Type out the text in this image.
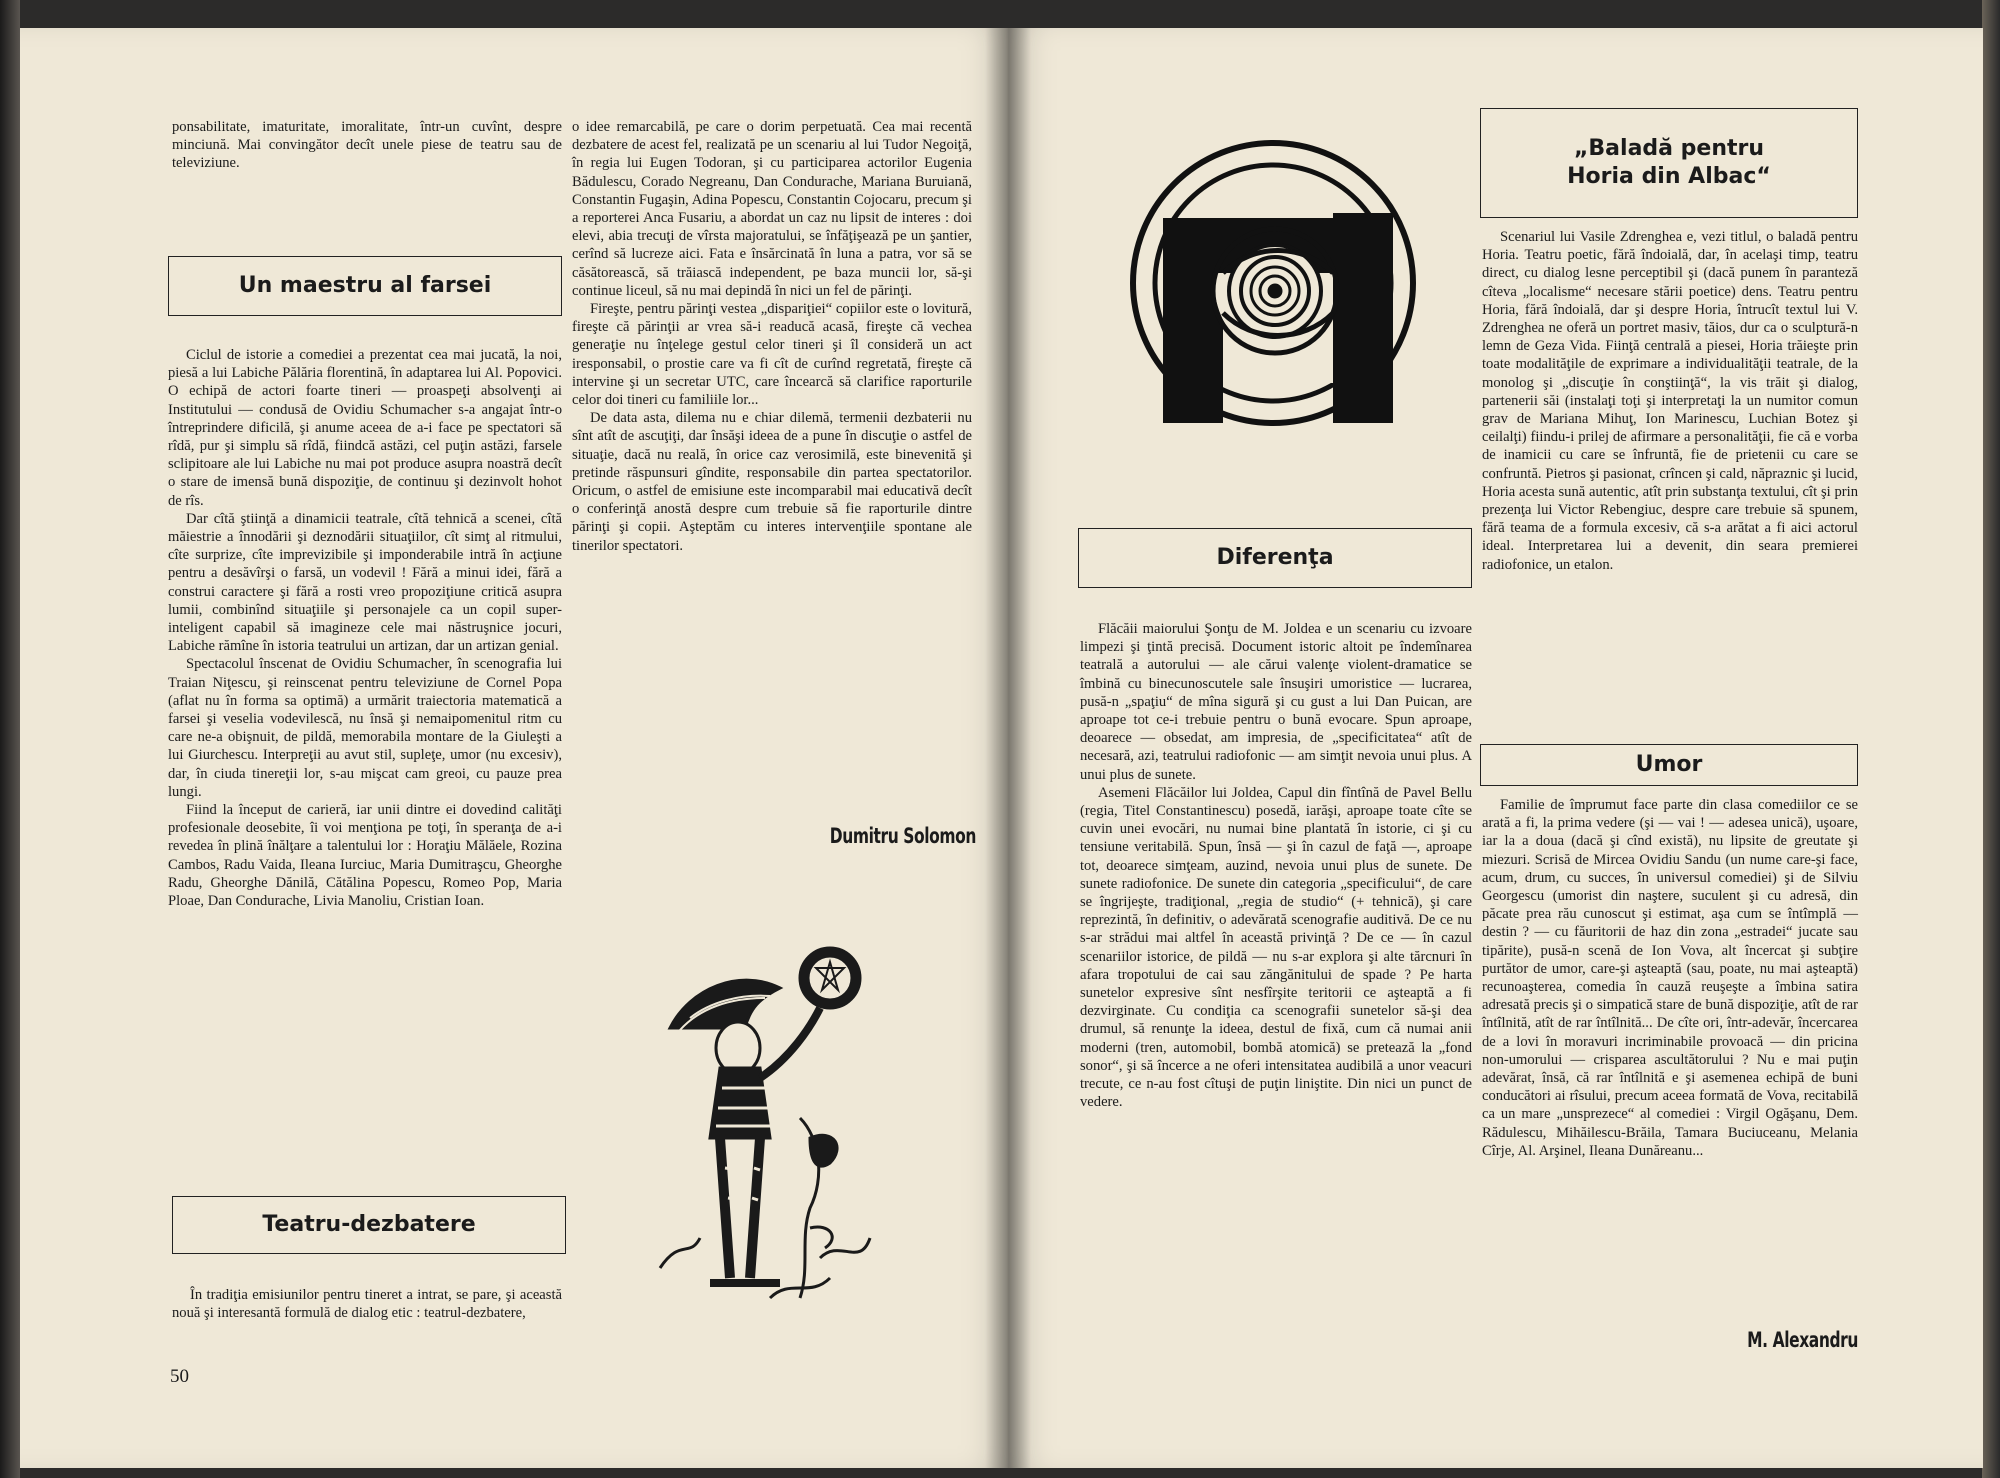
ponsabilitate, imaturitate, imoralitate, într-un cuvînt, despre minciună. Mai convingător decît unele piese de teatru sau de televiziune.

Un maestru al farsei

Ciclul de istorie a comediei a prezentat cea mai jucată, la noi, piesă a lui Labiche Pălăria florentină, în adaptarea lui Al. Popovici. O echipă de actori foarte tineri — proaspeţi absolvenţi ai Institutului — condusă de Ovidiu Schumacher s-a angajat într-o întreprindere dificilă, şi anume aceea de a-i face pe spectatori să rîdă, pur şi simplu să rîdă, fiindcă astăzi, cel puţin astăzi, farsele sclipitoare ale lui Labiche nu mai pot produce asupra noastră decît o stare de imensă bună dispoziţie, de continuu şi dezinvolt hohot de rîs.

Dar cîtă ştiinţă a dinamicii teatrale, cîtă tehnică a scenei, cîtă măiestrie a înnodării şi deznodării situaţiilor, cît simţ al ritmului, cîte surprize, cîte imprevizibile şi imponderabile intră în acţiune pentru a desăvîrşi o farsă, un vodevil ! Fără a minui idei, fără a construi caractere şi fără a rosti vreo propoziţiune critică asupra lumii, combinînd situaţiile şi personajele ca un copil super-inteligent capabil să imagineze cele mai năstruşnice jocuri, Labiche rămîne în istoria teatrului un artizan, dar un artizan genial.

Spectacolul înscenat de Ovidiu Schumacher, în scenografia lui Traian Niţescu, şi reinscenat pentru televiziune de Cornel Popa (aflat nu în forma sa optimă) a urmărit traiectoria matematică a farsei şi veselia vodevilescă, nu însă şi nemaipomenitul ritm cu care ne-a obişnuit, de pildă, memorabila montare de la Giuleşti a lui Giurchescu. Interpreţii au avut stil, supleţe, umor (nu excesiv), dar, în ciuda tinereţii lor, s-au mişcat cam greoi, cu pauze prea lungi.

Fiind la început de carieră, iar unii dintre ei dovedind calităţi profesionale deosebite, îi voi menţiona pe toţi, în speranţa de a-i revedea în plină înălţare a talentului lor : Horaţiu Mălăele, Rozina Cambos, Radu Vaida, Ileana Iurciuc, Maria Dumitraşcu, Gheorghe Radu, Gheorghe Dănilă, Cătălina Popescu, Romeo Pop, Maria Ploae, Dan Condurache, Livia Manoliu, Cristian Ioan.

Teatru-dezbatere

În tradiţia emisiunilor pentru tineret a intrat, se pare, şi această nouă şi interesantă formulă de dialog etic : teatrul-dezbatere,

50

o idee remarcabilă, pe care o dorim perpetuată. Cea mai recentă dezbatere de acest fel, realizată pe un scenariu al lui Tudor Negoiţă, în regia lui Eugen Todoran, şi cu participarea actorilor Eugenia Bădulescu, Corado Negreanu, Dan Condurache, Mariana Buruiană, Constantin Fugaşin, Adina Popescu, Constantin Cojocaru, precum şi a reporterei Anca Fusariu, a abordat un caz nu lipsit de interes : doi elevi, abia trecuţi de vîrsta majoratului, se înfăţişează pe un şantier, cerînd să lucreze aici. Fata e însărcinată în luna a patra, vor să se căsătorească, să trăiască independent, pe baza muncii lor, să-şi continue liceul, să nu mai depindă în nici un fel de părinţi.

Fireşte, pentru părinţi vestea „dispariţiei“ copiilor este o lovitură, fireşte că părinţii ar vrea să-i readucă acasă, fireşte că vechea generaţie nu înţelege gestul celor tineri şi îl consideră un act iresponsabil, o prostie care va fi cît de curînd regretată, fireşte că intervine şi un secretar UTC, care încearcă să clarifice raporturile celor doi tineri cu familiile lor...

De data asta, dilema nu e chiar dilemă, termenii dezbaterii nu sînt atît de ascuţiţi, dar însăşi ideea de a pune în discuţie o astfel de situaţie, dacă nu reală, în orice caz verosimilă, este binevenită şi pretinde răspunsuri gîndite, responsabile din partea spectatorilor. Oricum, o astfel de emisiune este incomparabil mai educativă decît o conferinţă anostă despre cum trebuie să fie raporturile dintre părinţi şi copii. Aşteptăm cu interes intervenţiile spontane ale tinerilor spectatori.

Dumitru Solomon
Diferenţa

Flăcăii maiorului Şonţu de M. Joldea e un scenariu cu izvoare limpezi şi ţintă precisă. Document istoric altoit pe îndemînarea teatrală a autorului — ale cărui valenţe violent-dramatice se îmbină cu binecunoscutele sale însuşiri umoristice — lucrarea, pusă-n „spaţiu“ de mîna sigură şi cu gust a lui Dan Puican, are aproape tot ce-i trebuie pentru o bună evocare. Spun aproape, deoarece — obsedat, am impresia, de „specificitatea“ atît de necesară, azi, teatrului radiofonic — am simţit nevoia unui plus. A unui plus de sunete.

Asemeni Flăcăilor lui Joldea, Capul din fîntînă de Pavel Bellu (regia, Titel Constantinescu) posedă, iarăşi, aproape toate cîte se cuvin unei evocări, nu numai bine plantată în istorie, ci şi cu tensiune veritabilă. Spun, însă — şi în cazul de faţă —, aproape tot, deoarece simţeam, auzind, nevoia unui plus de sunete. De sunete radiofonice. De sunete din categoria „specificului“, de care se îngrijeşte, tradiţional, „regia de studio“ (+ tehnică), şi care reprezintă, în definitiv, o adevărată scenografie auditivă. De ce nu s-ar strădui mai altfel în această privinţă ? De ce — în cazul scenariilor istorice, de pildă — nu s-ar explora şi alte tărcnuri în afara tropotului de cai sau zăngănitului de spade ? Pe harta sunetelor expresive sînt nesfîrşite teritorii ce aşteaptă a fi dezvirginate. Cu condiţia ca scenografii sunetelor să-şi dea drumul, să renunţe la ideea, destul de fixă, cum că numai anii moderni (tren, automobil, bombă atomică) se pretează la „fond sonor“, şi să încerce a ne oferi intensitatea audibilă a unor veacuri trecute, ce n-au fost cîtuşi de puţin liniştite. Din nici un punct de vedere.

„Baladă pentru
Horia din Albac“

Scenariul lui Vasile Zdrenghea e, vezi titlul, o baladă pentru Horia. Teatru poetic, fără îndoială, dar, în acelaşi timp, teatru direct, cu dialog lesne perceptibil şi (dacă punem în paranteză cîteva „localisme“ necesare stării poetice) dens. Teatru pentru Horia, fără îndoială, dar şi despre Horia, întrucît textul lui V. Zdrenghea ne oferă un portret masiv, tăios, dur ca o sculptură-n lemn de Geza Vida. Fiinţă centrală a piesei, Horia trăieşte prin toate modalităţile de exprimare a individualităţii teatrale, de la monolog şi „discuţie în conştiinţă“, la vis trăit şi dialog, partenerii săi (instalaţi toţi şi interpretaţi la un numitor comun grav de Mariana Mihuţ, Ion Marinescu, Luchian Botez şi ceilalţi) fiindu-i prilej de afirmare a personalităţii, fie că e vorba de inamicii cu care se înfruntă, fie de prietenii cu care se confruntă. Pietros şi pasionat, crîncen şi cald, năpraznic şi lucid, Horia acesta sună autentic, atît prin substanţa textului, cît şi prin prezenţa lui Victor Rebengiuc, despre care trebuie să spunem, fără teama de a formula excesiv, că s-a arătat a fi aici actorul ideal. Interpretarea lui a devenit, din seara premierei radiofonice, un etalon.

Umor

Familie de împrumut face parte din clasa comediilor ce se arată a fi, la prima vedere (şi — vai ! — adesea unică), uşoare, iar la a doua (dacă şi cînd există), nu lipsite de greutate şi miezuri. Scrisă de Mircea Ovidiu Sandu (un nume care-şi face, acum, drum, cu succes, în universul comediei) şi de Silviu Georgescu (umorist din naştere, suculent şi cu adresă, din păcate prea rău cunoscut şi estimat, aşa cum se întîmplă — destin ? — cu făuritorii de haz din zona „estradei“ jucate sau tipărite), pusă-n scenă de Ion Vova, alt încercat şi subţire purtător de umor, care-şi aşteaptă (sau, poate, nu mai aşteaptă) recunoaşterea, comedia în cauză reuşeşte a îmbina satira adresată precis şi o simpatică stare de bună dispoziţie, atît de rar întîlnită, atît de rar întîlnită... De cîte ori, într-adevăr, încercarea de a lovi în moravuri incriminabile provoacă — din pricina non-umorului — crisparea ascultătorului ? Nu e mai puţin adevărat, însă, că rar întîlnită e şi asemenea echipă de buni conducători ai rîsului, precum aceea formată de Vova, recitabilă ca un mare „unsprezece“ al comediei : Virgil Ogăşanu, Dem. Rădulescu, Mihăilescu-Brăila, Tamara Buciuceanu, Melania Cîrje, Al. Arşinel, Ileana Dunăreanu...

M. Alexandru
